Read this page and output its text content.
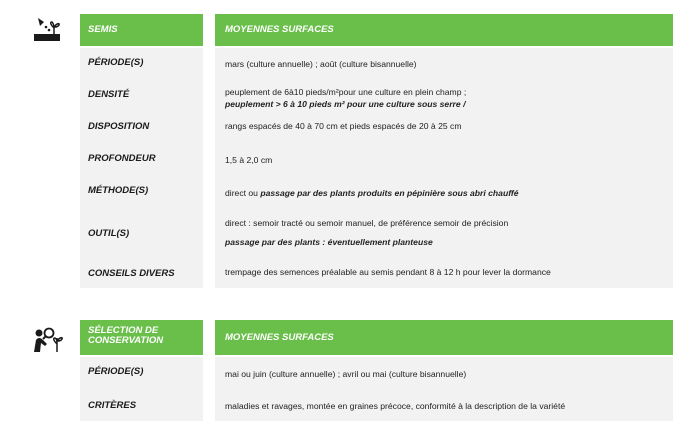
SEMIS	MOYENNES SURFACES
PÉRIODE(S)	mars (culture annuelle) ; août (culture bisannuelle)
DENSITÉ	peuplement de 6à10 pieds/m²pour une culture en plein champ ;
peuplement > 6 à 10 pieds m² pour une culture sous serre /
DISPOSITION	rangs espacés de 40 à 70 cm et pieds espacés de 20 à 25 cm
PROFONDEUR	1,5 à 2,0 cm
MÉTHODE(S)	direct ou passage par des plants produits en pépinière sous abri chauffé
OUTIL(S)
direct : semoir tracté ou semoir manuel, de préférence semoir de précision
passage par des plants : éventuellement planteuse
CONSEILS DIVERS	trempage des semences préalable au semis pendant 8 à 12 h pour lever la dormance
SÉLECTION DE
CONSERVATION	MOYENNES SURFACES
PÉRIODE(S)	mai ou juin (culture annuelle) ; avril ou mai (culture bisannuelle)
CRITÈRES	maladies et ravages, montée en graines précoce, conformité à la description de la variété
